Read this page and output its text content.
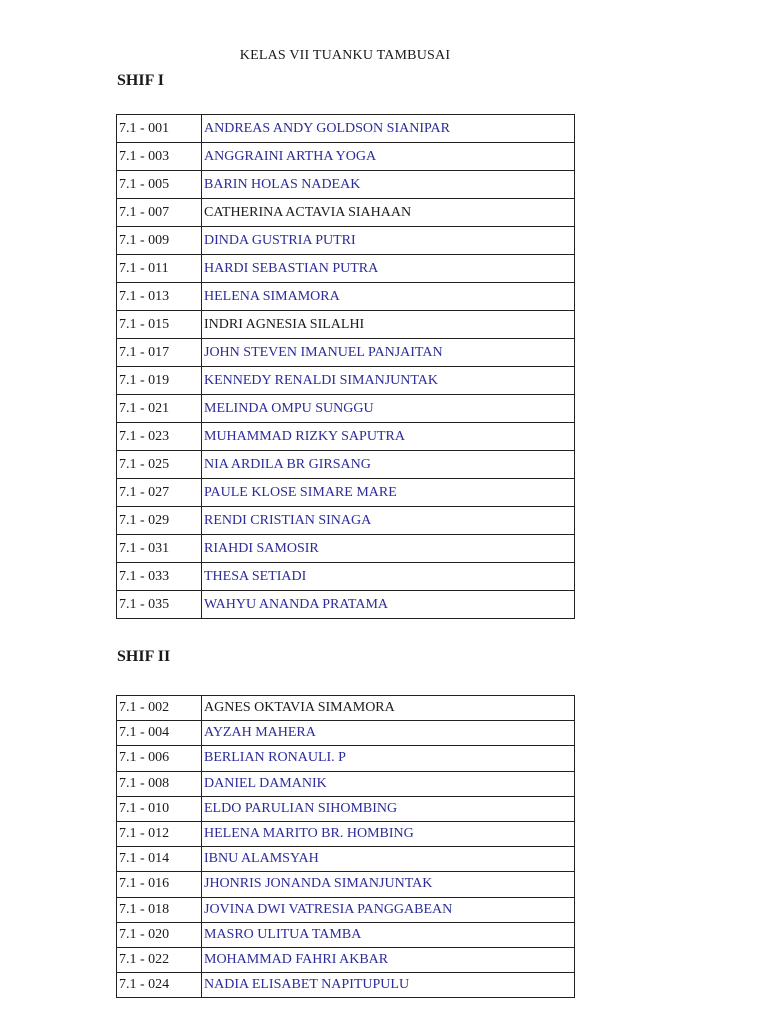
KELAS VII TUANKU TAMBUSAI
SHIF I
7.1 - 001	ANDREAS ANDY GOLDSON SIANIPAR
7.1 - 003	ANGGRAINI ARTHA YOGA
7.1 - 005	BARIN HOLAS NADEAK
7.1 - 007	CATHERINA ACTAVIA SIAHAAN
7.1 - 009	DINDA GUSTRIA PUTRI
7.1 - 011	HARDI SEBASTIAN PUTRA
7.1 - 013	HELENA SIMAMORA
7.1 - 015	INDRI AGNESIA SILALHI
7.1 - 017	JOHN STEVEN IMANUEL PANJAITAN
7.1 - 019	KENNEDY RENALDI SIMANJUNTAK
7.1 - 021	MELINDA OMPU SUNGGU
7.1 - 023	MUHAMMAD RIZKY SAPUTRA
7.1 - 025	NIA ARDILA BR GIRSANG
7.1 - 027	PAULE KLOSE SIMARE MARE
7.1 - 029	RENDI CRISTIAN SINAGA
7.1 - 031	RIAHDI SAMOSIR
7.1 - 033	THESA SETIADI
7.1 - 035	WAHYU ANANDA PRATAMA
SHIF II
7.1 - 002	AGNES OKTAVIA SIMAMORA
7.1 - 004	AYZAH MAHERA
7.1 - 006	BERLIAN RONAULI. P
7.1 - 008	DANIEL DAMANIK
7.1 - 010	ELDO PARULIAN SIHOMBING
7.1 - 012	HELENA MARITO BR. HOMBING
7.1 - 014	IBNU ALAMSYAH
7.1 - 016	JHONRIS JONANDA SIMANJUNTAK
7.1 - 018	JOVINA DWI VATRESIA PANGGABEAN
7.1 - 020	MASRO ULITUA TAMBA
7.1 - 022	MOHAMMAD FAHRI AKBAR
7.1 - 024	NADIA ELISABET NAPITUPULU
